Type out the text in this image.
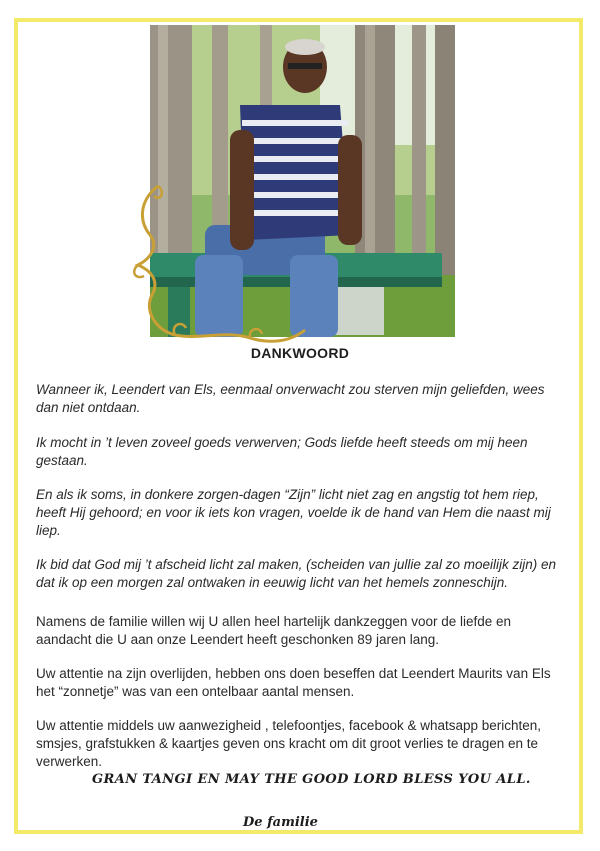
DANKWOORD
Wanneer ik, Leendert van Els, eenmaal onverwacht zou sterven mijn geliefden, wees dan niet ontdaan.
Ik mocht in ’t leven zoveel goeds verwerven; Gods liefde heeft steeds om mij heen gestaan.
En als ik soms, in donkere zorgen-dagen “Zijn” licht niet zag en angstig tot hem riep, heeft Hij gehoord; en voor ik iets kon vragen, voelde ik de hand van Hem die naast mij liep.
Ik bid dat God mij ’t afscheid licht zal maken, (scheiden van jullie zal zo moeilijk zijn) en dat ik op een morgen zal ontwaken in eeuwig licht van het hemels zonneschijn.
Namens de familie willen wij U allen heel hartelijk dankzeggen voor de liefde en aandacht die U aan onze Leendert heeft geschonken 89 jaren lang.
Uw attentie na zijn overlijden, hebben ons doen beseffen dat Leendert Maurits van Els het “zonnetje” was van een ontelbaar aantal mensen.
Uw attentie middels uw aanwezigheid , telefoontjes, facebook & whatsapp berichten, smsjes, grafstukken & kaartjes geven ons kracht om dit groot verlies te dragen en te verwerken.
GRAN TANGI EN MAY THE GOOD LORD BLESS YOU ALL.
De familie
